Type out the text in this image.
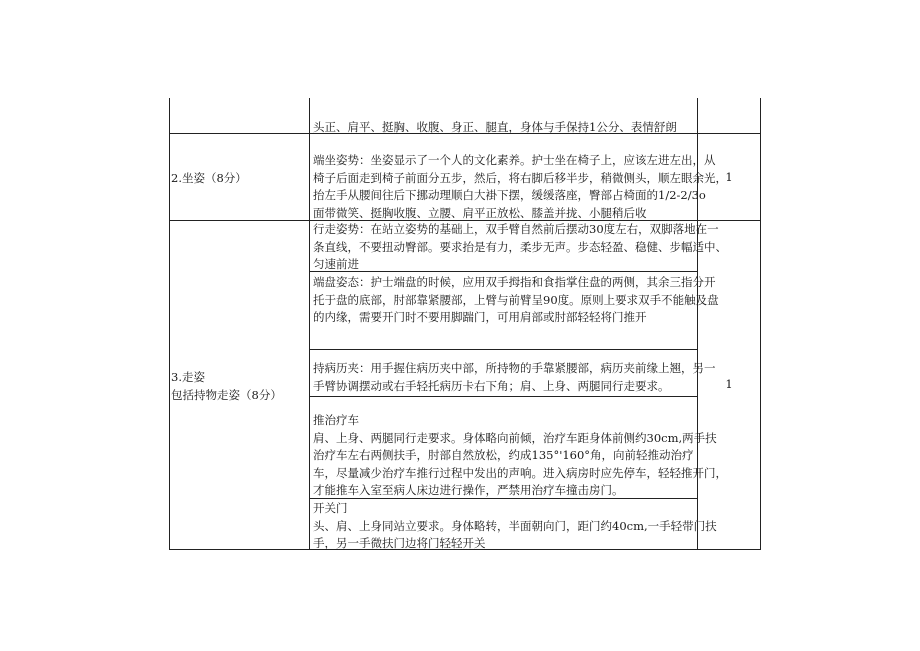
头正、肩平、挺胸、收腹、身正、腿直，身体与手保持1公分、表情舒朗
2.坐姿（8分）
端坐姿势：坐姿显示了一个人的文化素养。护士坐在椅子上，应该左进左出，从
椅子后面走到椅子前面分五步，然后，将右脚后移半步，稍微侧头，顺左眼余光，
抬左手从腰间往后下挪动理顺白大褂下摆，缓缓落座，臀部占椅面的1/2-2/3o
面带微笑、挺胸收腹、立腰、肩平正放松、膝盖并拢、小腿稍后收
1
3.走姿
包括持物走姿（8分）
1
行走姿势：在站立姿势的基础上，双手臂自然前后摆动30度左右，双脚落地在一
条直线，不要扭动臀部。要求抬是有力，柔步无声。步态轻盈、稳健、步幅适中、
匀速前进
端盘姿态：护士端盘的时候，应用双手拇指和食指掌住盘的两侧，其余三指分开
托于盘的底部，肘部靠紧腰部，上臂与前臂呈90度。原则上要求双手不能触及盘
的内缘，需要开门时不要用脚踹门，可用肩部或肘部轻轻将门推开
持病历夹：用手握住病历夹中部，所持物的手靠紧腰部，病历夹前缘上翘，另一
手臂协调摆动或右手轻托病历卡右下角；肩、上身、两腿同行走要求。
推治疗车
肩、上身、两腿同行走要求。身体略向前倾，治疗车距身体前侧约30cm,两手扶
治疗车左右两侧扶手，肘部自然放松，约成135°'160°角，向前轻推动治疗
车，尽量减少治疗车推行过程中发出的声响。进入病房时应先停车，轻轻推开门，
才能推车入室至病人床边进行操作，严禁用治疗车撞击房门。
开关门
头、肩、上身同站立要求。身体略转，半面朝向门，距门约40cm,一手轻带门扶
手，另一手微扶门边将门轻轻开关
